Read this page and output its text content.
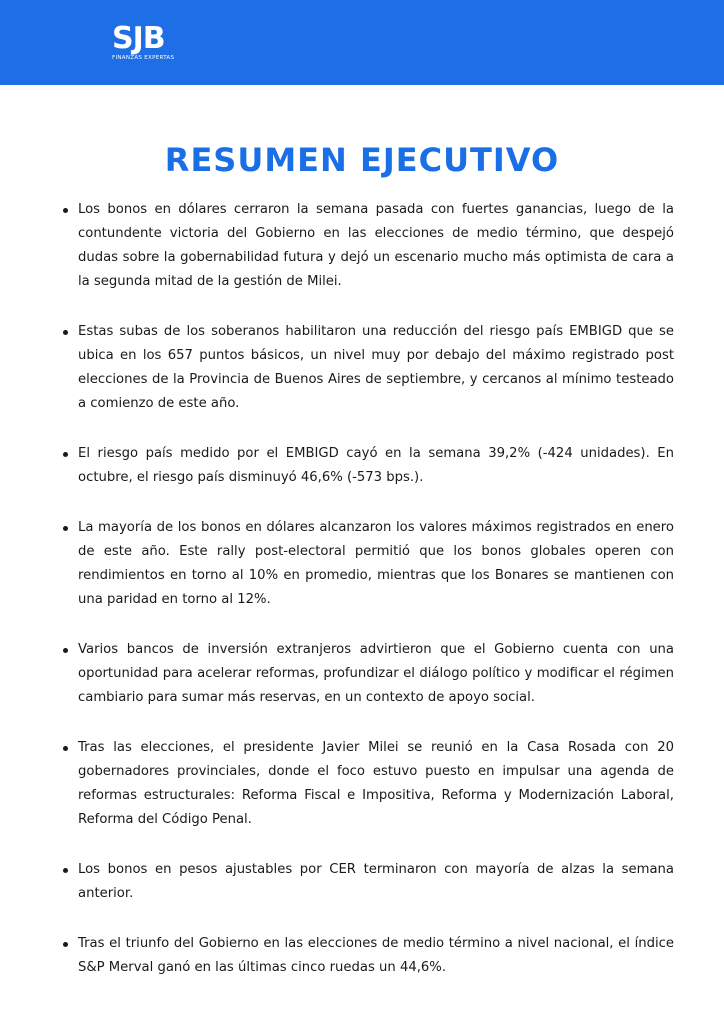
SJB
FINANZAS EXPERTAS
RESUMEN EJECUTIVO
Los bonos en dólares cerraron la semana pasada con fuertes ganancias, luego de la contundente victoria del Gobierno en las elecciones de medio término, que despejó dudas sobre la gobernabilidad futura y dejó un escenario mucho más optimista de cara a la segunda mitad de la gestión de Milei.
Estas subas de los soberanos habilitaron una reducción del riesgo país EMBIGD que se ubica en los 657 puntos básicos, un nivel muy por debajo del máximo registrado post elecciones de la Provincia de Buenos Aires de septiembre, y cercanos al mínimo testeado a comienzo de este año.
El riesgo país medido por el EMBIGD cayó en la semana 39,2% (-424 unidades). En octubre, el riesgo país disminuyó 46,6% (-573 bps.).
La mayoría de los bonos en dólares alcanzaron los valores máximos registrados en enero de este año. Este rally post-electoral permitió que los bonos globales operen con rendimientos en torno al 10% en promedio, mientras que los Bonares se mantienen con una paridad en torno al 12%.
Varios bancos de inversión extranjeros advirtieron que el Gobierno cuenta con una oportunidad para acelerar reformas, profundizar el diálogo político y modificar el régimen cambiario para sumar más reservas, en un contexto de apoyo social.
Tras las elecciones, el presidente Javier Milei se reunió en la Casa Rosada con 20 gobernadores provinciales, donde el foco estuvo puesto en impulsar una agenda de reformas estructurales: Reforma Fiscal e Impositiva, Reforma y Modernización Laboral, Reforma del Código Penal.
Los bonos en pesos ajustables por CER terminaron con mayoría de alzas la semana anterior.
Tras el triunfo del Gobierno en las elecciones de medio término a nivel nacional, el índice S&P Merval ganó en las últimas cinco ruedas un 44,6%.
